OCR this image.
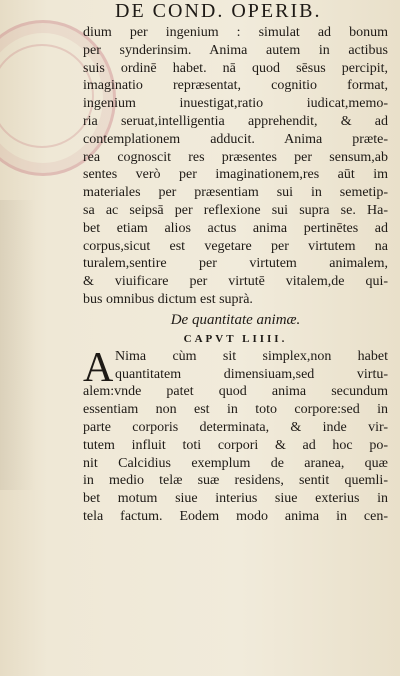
DE COND. OPERIB.
dium per ingenium : simulat ad bonum
per synderinsim. Anima autem in actibus
suis ordinē habet. nā quod sēsus percipit,
imaginatio repræsentat, cognitio format,
ingenium inuestigat,ratio iudicat,memo-
ria seruat,intelligentia apprehendit, & ad
contemplationem adducit. Anima præte-
rea cognoscit res præsentes per sensum,ab
sentes verò per imaginationem,res aūt im
materiales per præsentiam sui in semetip-
sa ac seipsā per reflexione sui supra se. Ha-
bet etiam alios actus anima pertinētes ad
corpus,sicut est vegetare per virtutem na
turalem,sentire per virtutem animalem,
& viuificare per virtutē vitalem,de qui-
bus omnibus dictum est suprà.
De quantitate animæ.
CAPVT LIIII.
A Nima cùm sit simplex,non habet
quantitatem dimensiuam,sed virtu-
alem:vnde patet quod anima secundum
essentiam non est in toto corpore:sed in
parte corporis determinata, & inde vir-
tutem influit toti corpori & ad hoc po-
nit Calcidius exemplum de aranea, quæ
in medio telæ suæ residens, sentit quemli-
bet motum siue interius siue exterius in
tela factum. Eodem modo anima in cen-
